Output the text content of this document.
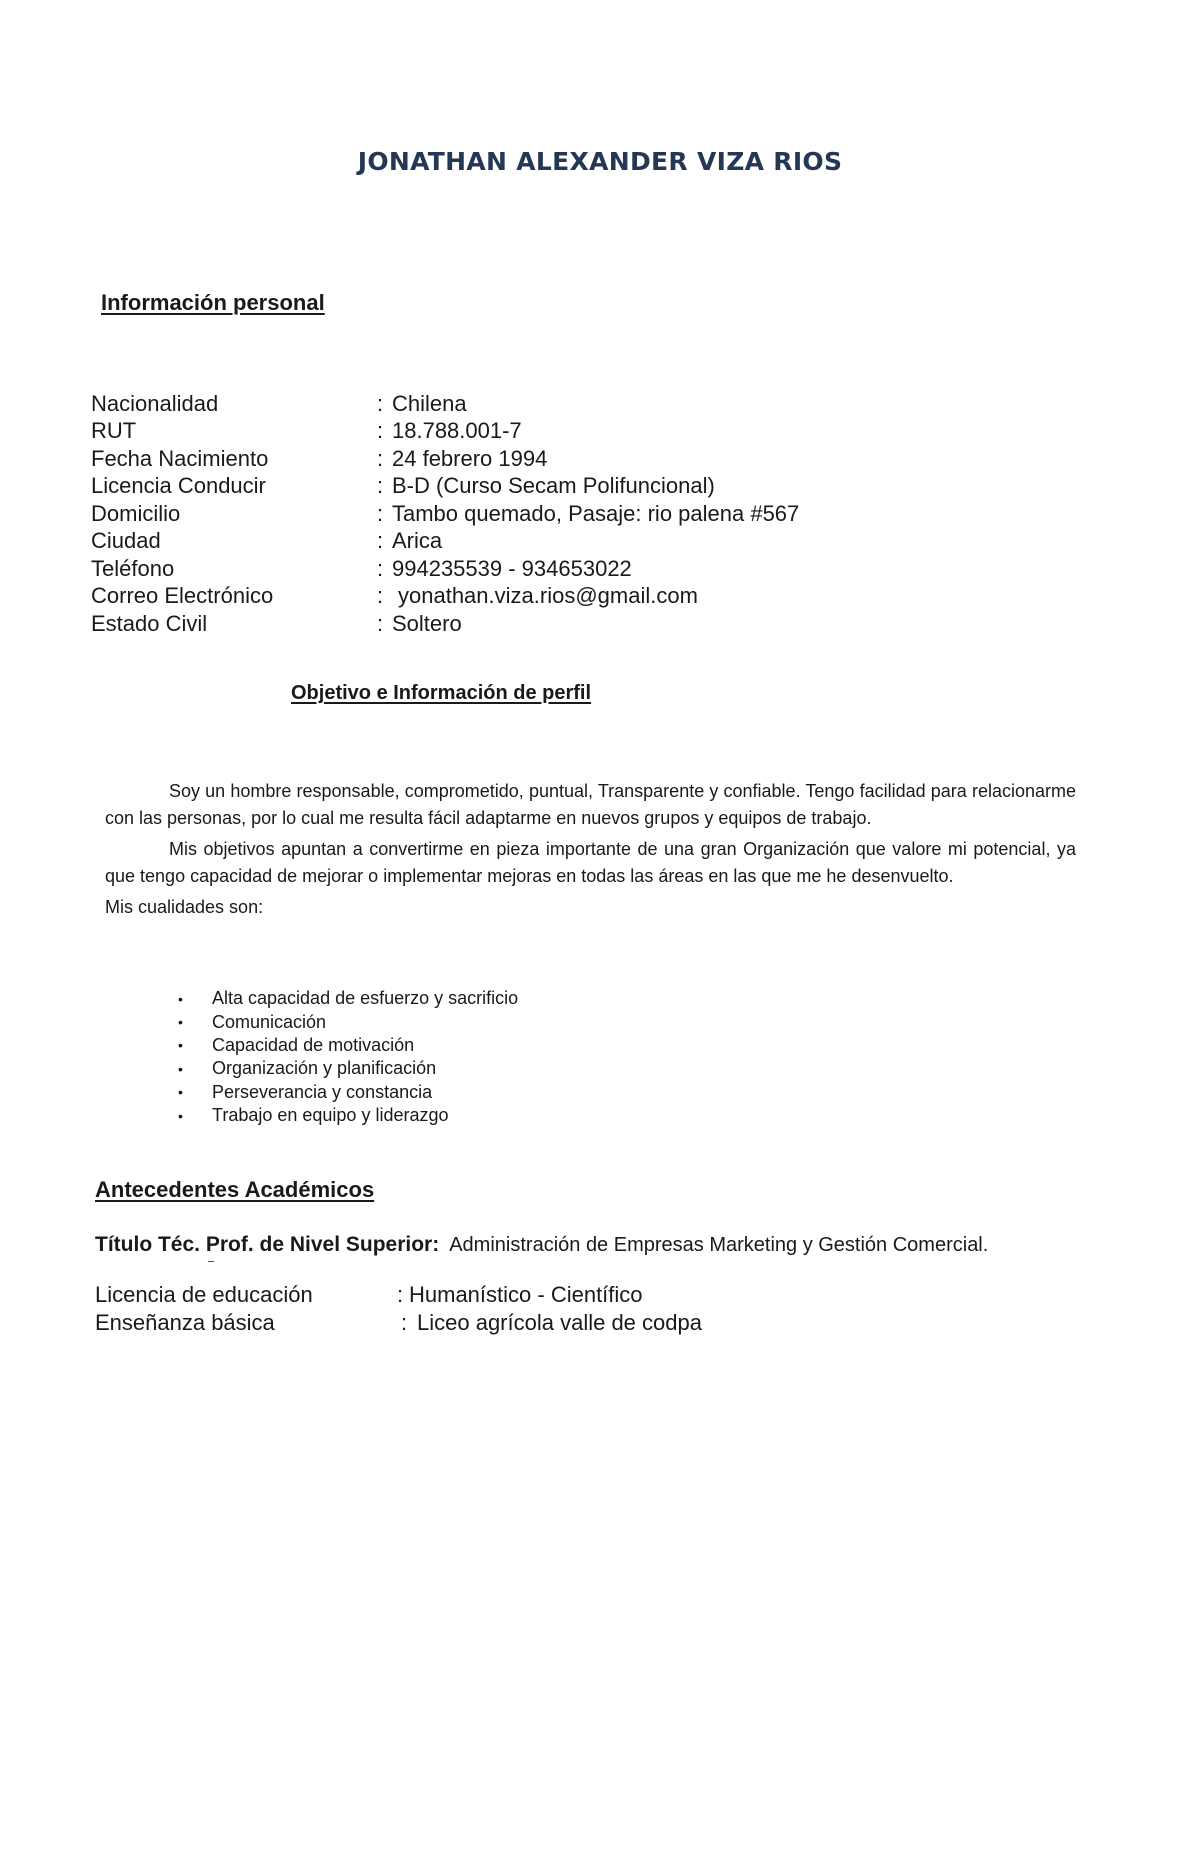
JONATHAN ALEXANDER VIZA RIOS
Información personal
Nacionalidad	: Chilena
RUT	: 18.788.001-7
Fecha Nacimiento	: 24 febrero 1994
Licencia Conducir	: B-D (Curso Secam Polifuncional)
Domicilio	: Tambo quemado, Pasaje: rio palena #567
Ciudad	: Arica
Teléfono	: 994235539 - 934653022
Correo Electrónico	: yonathan.viza.rios@gmail.com
Estado Civil	: Soltero
Objetivo e Información de perfil

Soy un hombre responsable, comprometido, puntual, Transparente y confiable. Tengo facilidad para relacionarme con las personas, por lo cual me resulta fácil adaptarme en nuevos grupos y equipos de trabajo.

Mis objetivos apuntan a convertirme en pieza importante de una gran Organización que valore mi potencial, ya que tengo capacidad de mejorar o implementar mejoras en todas las áreas en las que me he desenvuelto.

Mis cualidades son:

•	Alta capacidad de esfuerzo y sacrificio
•	Comunicación
•	Capacidad de motivación
•	Organización y planificación
•	Perseverancia y constancia
•	Trabajo en equipo y liderazgo
Antecedentes Académicos
Título Téc. Prof. de Nivel Superior: Administración de Empresas Marketing y Gestión Comercial.
Licencia de educación	: Humanístico - Científico
Enseñanza básica	: Liceo agrícola valle de codpa
